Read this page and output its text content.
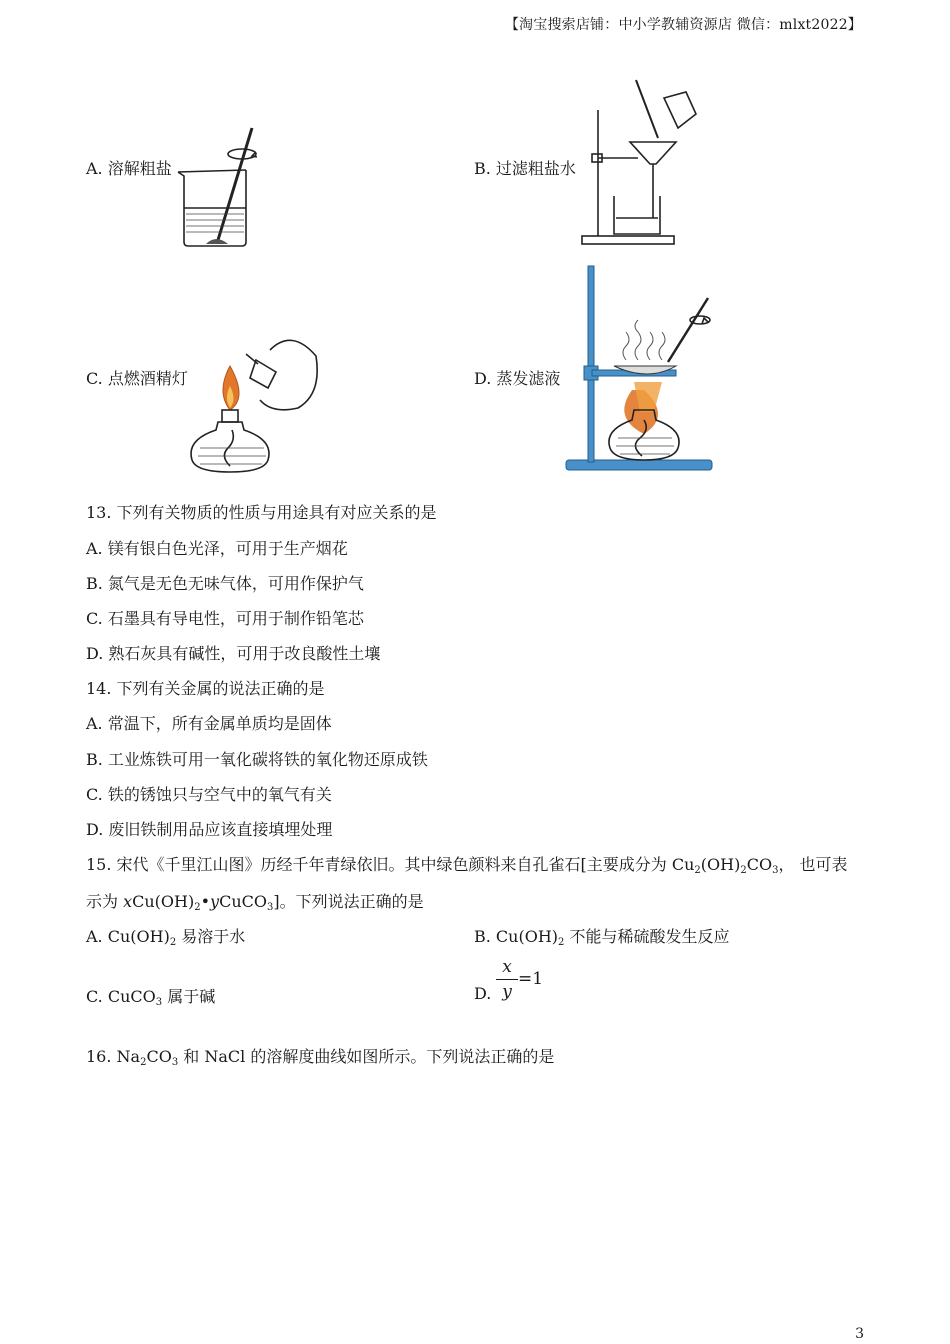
【淘宝搜索店铺：中小学教辅资源店 微信：mlxt2022】
A. 溶解粗盐	B. 过滤粗盐水
C. 点燃酒精灯	D. 蒸发滤液
13. 下列有关物质的性质与用途具有对应关系的是
A. 镁有银白色光泽，可用于生产烟花
B. 氮气是无色无味气体，可用作保护气
C. 石墨具有导电性，可用于制作铅笔芯
D. 熟石灰具有碱性，可用于改良酸性土壤
14. 下列有关金属的说法正确的是
A. 常温下，所有金属单质均是固体
B. 工业炼铁可用一氧化碳将铁的氧化物还原成铁
C. 铁的锈蚀只与空气中的氧气有关
D. 废旧铁制用品应该直接填埋处理
15. 宋代《千里江山图》历经千年青绿依旧。其中绿色颜料来自孔雀石[主要成分为 $Cu_2(OH)_2CO_3$， 也可表
示为 $xCu(OH)_2•yCuCO_3$]。下列说法正确的是
A. $Cu(OH)_2$ 易溶于水	B. $Cu(OH)_2$ 不能与稀硫酸发生反应
C. CuCO$_3$ 属于碱	D.
x
y
=1
16. $Na_2CO_3$ 和 NaCl 的溶解度曲线如图所示。下列说法正确的是
3
